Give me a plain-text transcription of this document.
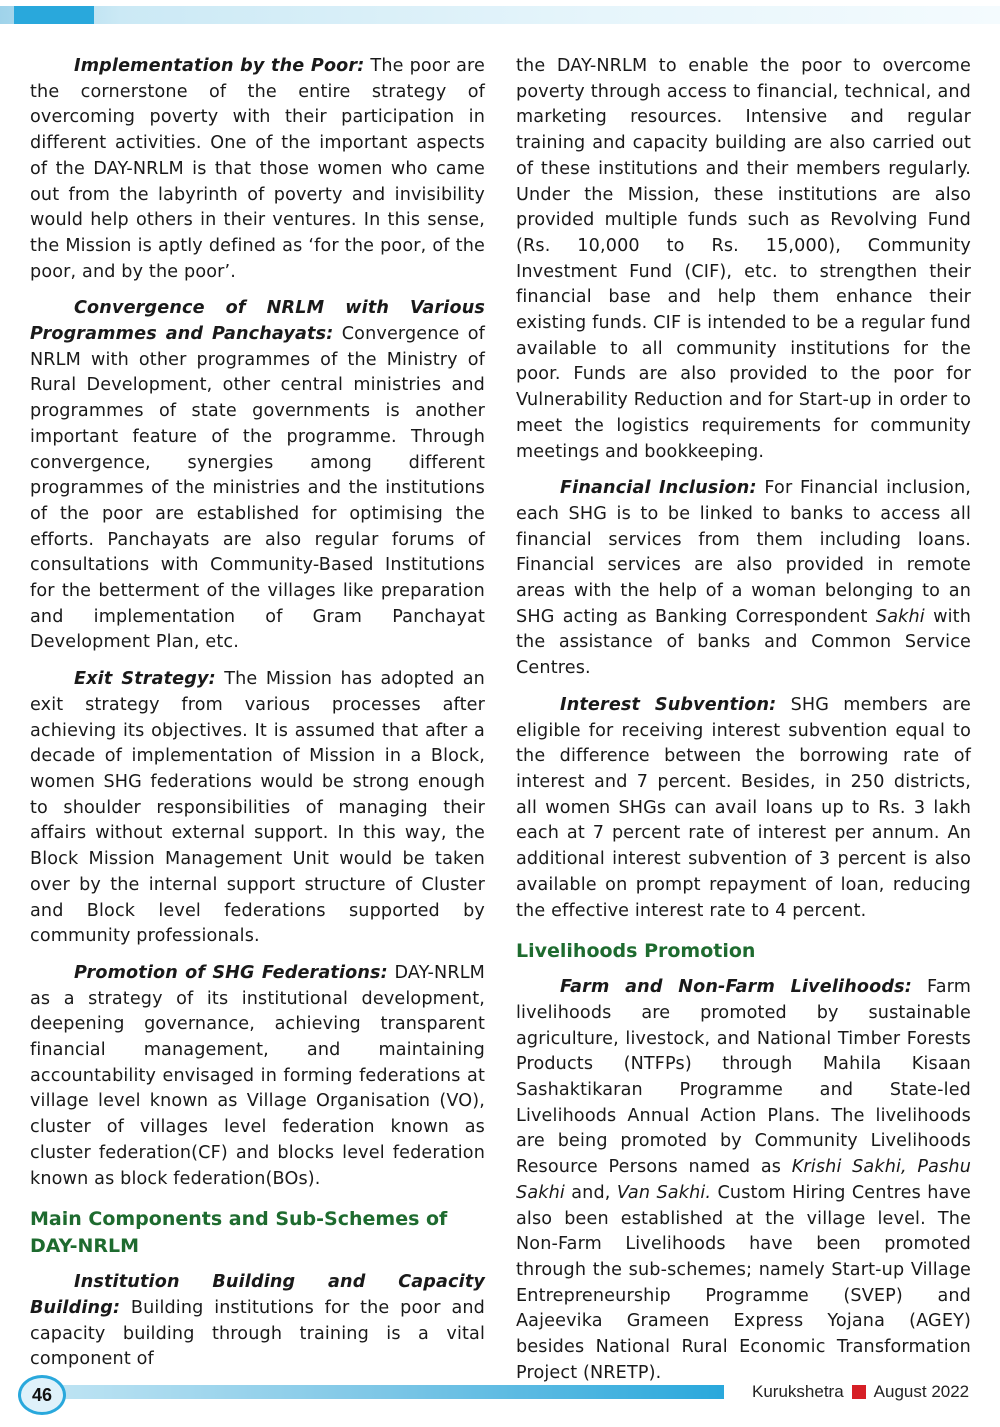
Implementation by the Poor: The poor are the cornerstone of the entire strategy of overcoming poverty with their participation in different activities. One of the important aspects of the DAY-NRLM is that those women who came out from the labyrinth of poverty and invisibility would help others in their ventures. In this sense, the Mission is aptly defined as ‘for the poor, of the poor, and by the poor’.

Convergence of NRLM with Various Programmes and Panchayats: Convergence of NRLM with other programmes of the Ministry of Rural Development, other central ministries and programmes of state governments is another important feature of the programme. Through convergence, synergies among different programmes of the ministries and the institutions of the poor are established for optimising the efforts. Panchayats are also regular forums of consultations with Community-Based Institutions for the betterment of the villages like preparation and implementation of Gram Panchayat Development Plan, etc.

Exit Strategy: The Mission has adopted an exit strategy from various processes after achieving its objectives. It is assumed that after a decade of implementation of Mission in a Block, women SHG federations would be strong enough to shoulder responsibilities of managing their affairs without external support. In this way, the Block Mission Management Unit would be taken over by the internal support structure of Cluster and Block level federations supported by community professionals.

Promotion of SHG Federations: DAY-NRLM as a strategy of its institutional development, deepening governance, achieving transparent financial management, and maintaining accountability envisaged in forming federations at village level known as Village Organisation (VO), cluster of villages level federation known as cluster federation(CF) and blocks level federation known as block federation(BOs).

Main Components and Sub-Schemes of DAY-NRLM

Institution Building and Capacity Building: Building institutions for the poor and capacity building through training is a vital component of

the DAY-NRLM to enable the poor to overcome poverty through access to financial, technical, and marketing resources. Intensive and regular training and capacity building are also carried out of these institutions and their members regularly. Under the Mission, these institutions are also provided multiple funds such as Revolving Fund (Rs. 10,000 to Rs. 15,000), Community Investment Fund (CIF), etc. to strengthen their financial base and help them enhance their existing funds. CIF is intended to be a regular fund available to all community institutions for the poor. Funds are also provided to the poor for Vulnerability Reduction and for Start-up in order to meet the logistics requirements for community meetings and bookkeeping.

Financial Inclusion: For Financial inclusion, each SHG is to be linked to banks to access all financial services from them including loans. Financial services are also provided in remote areas with the help of a woman belonging to an SHG acting as Banking Correspondent Sakhi with the assistance of banks and Common Service Centres.

Interest Subvention: SHG members are eligible for receiving interest subvention equal to the difference between the borrowing rate of interest and 7 percent. Besides, in 250 districts, all women SHGs can avail loans up to Rs. 3 lakh each at 7 percent rate of interest per annum. An additional interest subvention of 3 percent is also available on prompt repayment of loan, reducing the effective interest rate to 4 percent.

Livelihoods Promotion

Farm and Non-Farm Livelihoods: Farm livelihoods are promoted by sustainable agriculture, livestock, and National Timber Forests Products (NTFPs) through Mahila Kisaan Sashaktikaran Programme and State-led Livelihoods Annual Action Plans. The livelihoods are being promoted by Community Livelihoods Resource Persons named as Krishi Sakhi, Pashu Sakhi and, Van Sakhi. Custom Hiring Centres have also been established at the village level. The Non-Farm Livelihoods have been promoted through the sub-schemes; namely Start-up Village Entrepreneurship Programme (SVEP) and Aajeevika Grameen Express Yojana (AGEY) besides National Rural Economic Transformation Project (NRETP).

46	Kurukshetra August 2022
